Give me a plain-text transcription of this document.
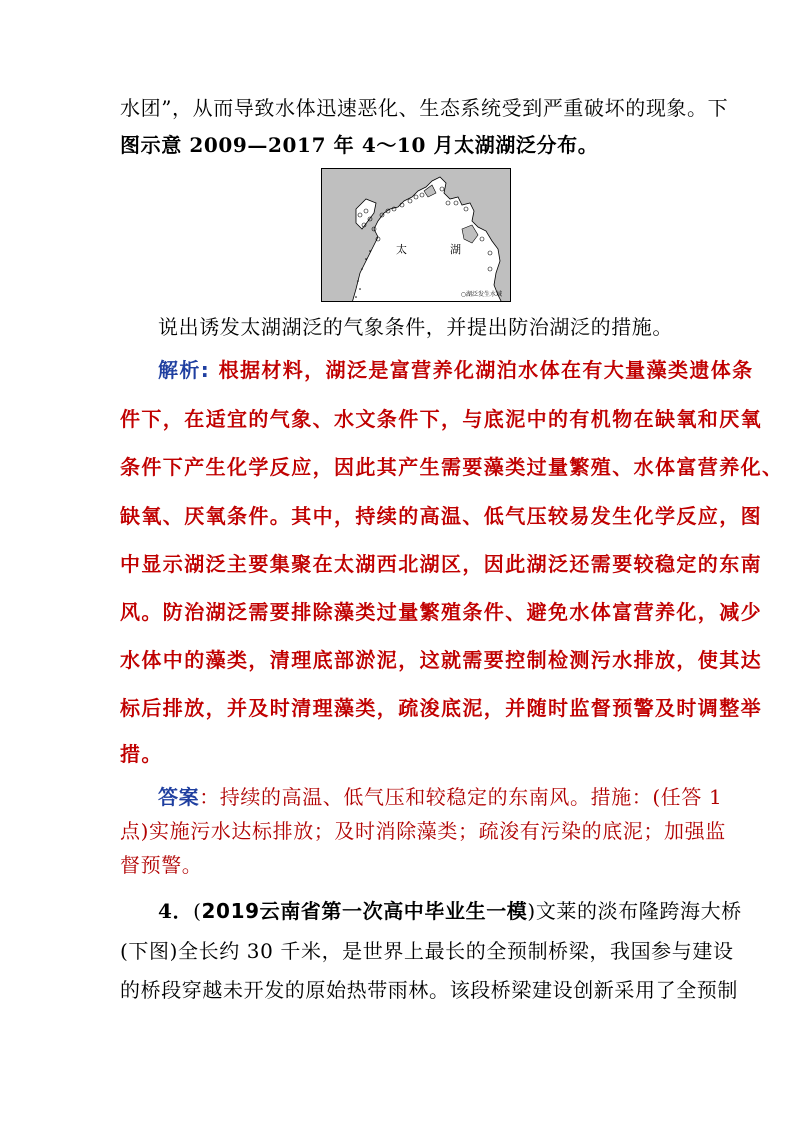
水团”，从而导致水体迅速恶化、生态系统受到严重破坏的现象。下
图示意 2009—2017 年 4～10 月太湖湖泛分布。
太	湖
○湖泛发生水域
说出诱发太湖湖泛的气象条件，并提出防治湖泛的措施。
解析: 根据材料，湖泛是富营养化湖泊水体在有大量藻类遗体条
件下，在适宜的气象、水文条件下，与底泥中的有机物在缺氧和厌氧
条件下产生化学反应，因此其产生需要藻类过量繁殖、水体富营养化、
缺氧、厌氧条件。其中，持续的高温、低气压较易发生化学反应，图
中显示湖泛主要集聚在太湖西北湖区，因此湖泛还需要较稳定的东南
风。防治湖泛需要排除藻类过量繁殖条件、避免水体富营养化，减少
水体中的藻类，清理底部淤泥，这就需要控制检测污水排放，使其达
标后排放，并及时清理藻类，疏浚底泥，并随时监督预警及时调整举
措。
答案：持续的高温、低气压和较稳定的东南风。措施：(任答 1
点)实施污水达标排放；及时消除藻类；疏浚有污染的底泥；加强监
督预警。
4．(2019云南省第一次高中毕业生一模)文莱的淡布隆跨海大桥
(下图)全长约 30 千米，是世界上最长的全预制桥梁，我国参与建设
的桥段穿越未开发的原始热带雨林。该段桥梁建设创新采用了全预制
